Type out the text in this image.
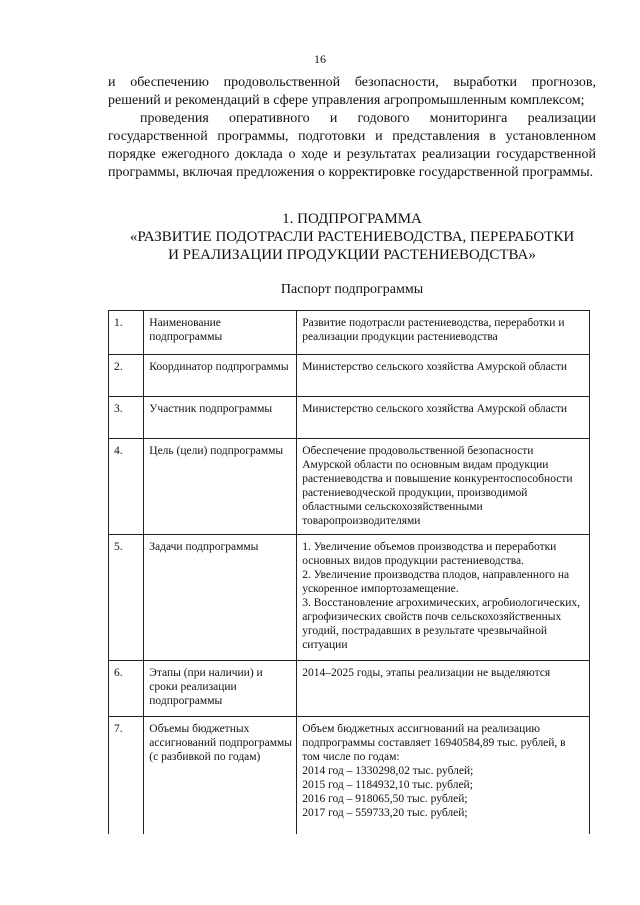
16

и обеспечению продовольственной безопасности, выработки прогнозов, решений и рекомендаций в сфере управления агропромышленным комплексом;

проведения оперативного и годового мониторинга реализации государственной программы, подготовки и представления в установленном порядке ежегодного доклада о ходе и результатах реализации государственной программы, включая предложения о корректировке государственной программы.

1. ПОДПРОГРАММА
«РАЗВИТИЕ ПОДОТРАСЛИ РАСТЕНИЕВОДСТВА, ПЕРЕРАБОТКИ
И РЕАЛИЗАЦИИ ПРОДУКЦИИ РАСТЕНИЕВОДСТВА»
Паспорт подпрограммы
1.	Наименование подпрограммы	Развитие подотрасли растениеводства, переработки и реализации продукции растениеводства

2.	Координатор подпрограммы	Министерство сельского хозяйства Амурской области

3.	Участник подпрограммы	Министерство сельского хозяйства Амурской области

4.	Цель (цели) подпрограммы	Обеспечение продовольственной безопасности Амурской области по основным видам продукции растениеводства и повышение конкурентоспособности растениеводческой продукции, производимой областными сельскохозяйственными товаропроизводителями

5.	Задачи подпрограммы	1. Увеличение объемов производства и переработки основных видов продукции растениеводства.
2. Увеличение производства плодов, направленного на ускоренное импортозамещение.
3. Восстановление агрохимических, агробиологических, агрофизических свойств почв сельскохозяйственных угодий, пострадавших в результате чрезвычайной ситуации

6.	Этапы (при наличии) и сроки реализации подпрограммы	2014–2025 годы, этапы реализации не выделяются

7.	Объемы бюджетных ассигнований подпрограммы (с разбивкой по годам)	Объем бюджетных ассигнований на реализацию подпрограммы составляет 16940584,89 тыс. рублей, в том числе по годам:
2014 год – 1330298,02 тыс. рублей;
2015 год – 1184932,10 тыс. рублей;
2016 год – 918065,50 тыс. рублей;
2017 год – 559733,20 тыс. рублей;
